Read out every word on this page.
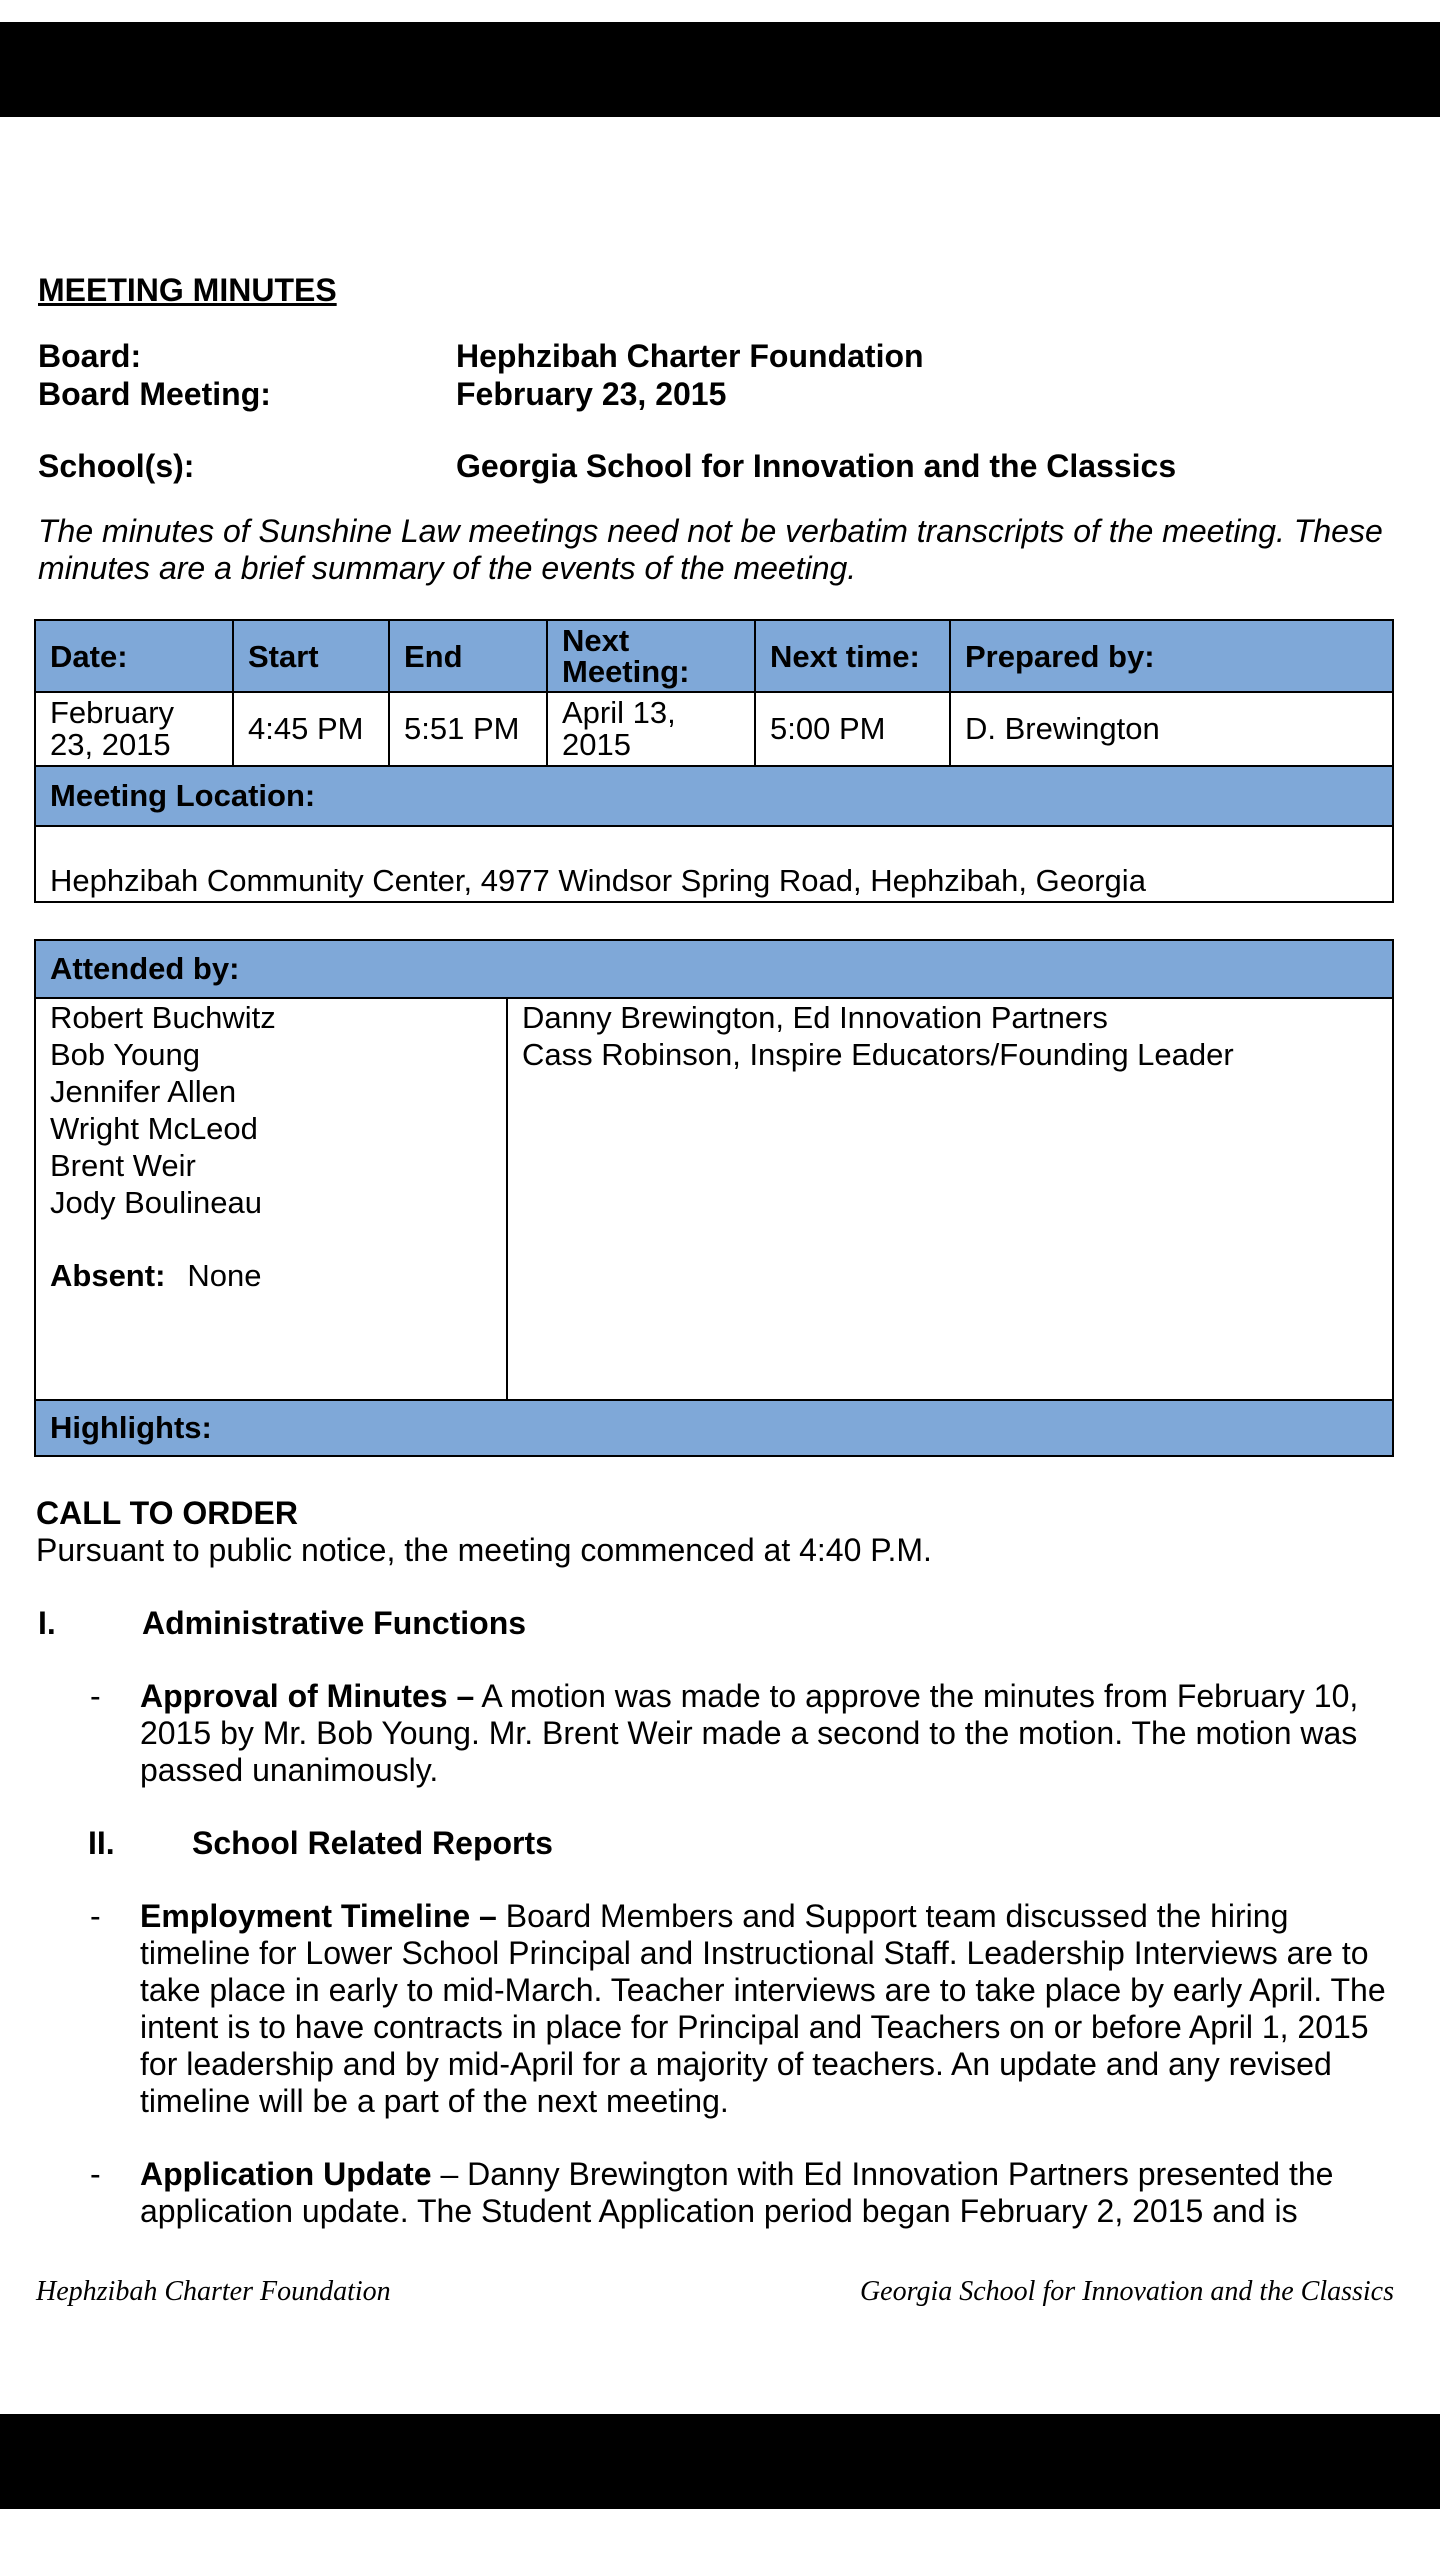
MEETING MINUTES
Board:	Hephzibah Charter Foundation
Board Meeting:	February 23, 2015
School(s):	Georgia School for Innovation and the Classics
The minutes of Sunshine Law meetings need not be verbatim transcripts of the meeting. These minutes are a brief summary of the events of the meeting.
Date:	Start	End	Next Meeting:	Next time:	Prepared by:
February 23, 2015	4:45 PM	5:51 PM	April 13, 2015	5:00 PM	D. Brewington
Meeting Location:					
Hephzibah Community Center, 4977 Windsor Spring Road, Hephzibah, Georgia					
Attended by:

Robert Buchwitz
Bob Young
Jennifer Allen
Wright McLeod
Brent Weir
Jody Boulineau
Absent: None

Danny Brewington, Ed Innovation Partners
Cass Robinson, Inspire Educators/Founding Leader

Highlights:
CALL TO ORDER
Pursuant to public notice, the meeting commenced at 4:40 P.M.
I.	Administrative Functions
-	Approval of Minutes – A motion was made to approve the minutes from February 10, 2015 by Mr. Bob Young. Mr. Brent Weir made a second to the motion. The motion was passed unanimously.
II.	School Related Reports
-	Employment Timeline – Board Members and Support team discussed the hiring timeline for Lower School Principal and Instructional Staff. Leadership Interviews are to take place in early to mid-March. Teacher interviews are to take place by early April. The intent is to have contracts in place for Principal and Teachers on or before April 1, 2015 for leadership and by mid-April for a majority of teachers. An update and any revised timeline will be a part of the next meeting.
-	Application Update – Danny Brewington with Ed Innovation Partners presented the application update. The Student Application period began February 2, 2015 and is
Hephzibah Charter Foundation	Georgia School for Innovation and the Classics
